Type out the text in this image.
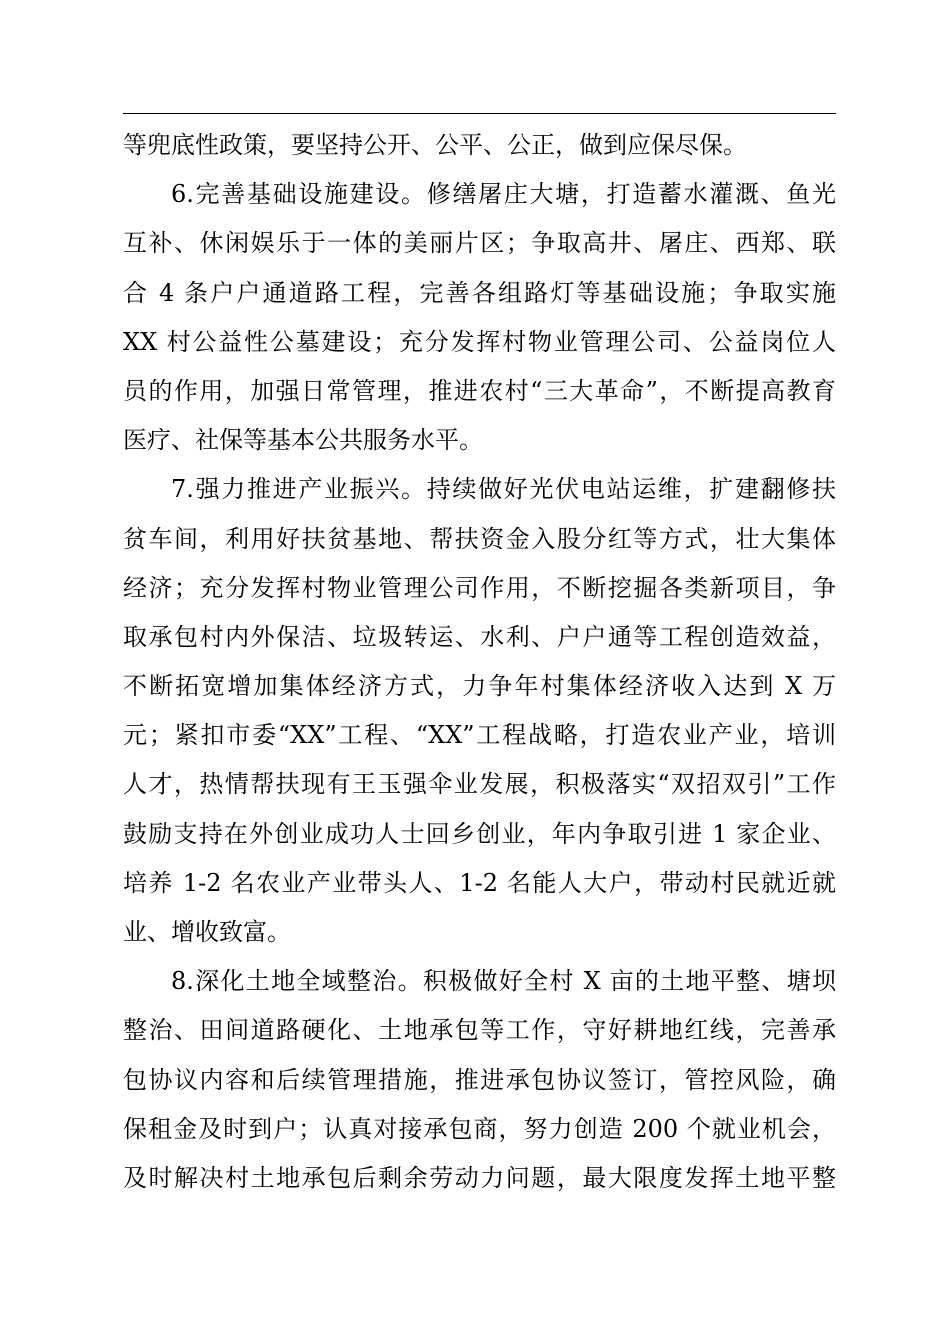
等兜底性政策，要坚持公开、公平、公正，做到应保尽保。
6.完善基础设施建设。修缮屠庄大塘，打造蓄水灌溉、鱼光
互补、休闲娱乐于一体的美丽片区；争取高井、屠庄、西郑、联
合 4 条户户通道路工程，完善各组路灯等基础设施；争取实施
XX 村公益性公墓建设；充分发挥村物业管理公司、公益岗位人
员的作用，加强日常管理，推进农村“三大革命”，不断提高教育
医疗、社保等基本公共服务水平。
7.强力推进产业振兴。持续做好光伏电站运维，扩建翻修扶
贫车间，利用好扶贫基地、帮扶资金入股分红等方式，壮大集体
经济；充分发挥村物业管理公司作用，不断挖掘各类新项目，争
取承包村内外保洁、垃圾转运、水利、户户通等工程创造效益，
不断拓宽增加集体经济方式，力争年村集体经济收入达到 X 万
元；紧扣市委“XX”工程、“XX”工程战略，打造农业产业，培训
人才，热情帮扶现有王玉强伞业发展，积极落实“双招双引”工作
鼓励支持在外创业成功人士回乡创业，年内争取引进 1 家企业、
培养 1-2 名农业产业带头人、1-2 名能人大户，带动村民就近就
业、增收致富。
8.深化土地全域整治。积极做好全村 X 亩的土地平整、塘坝
整治、田间道路硬化、土地承包等工作，守好耕地红线，完善承
包协议内容和后续管理措施，推进承包协议签订，管控风险，确
保租金及时到户；认真对接承包商，努力创造 200 个就业机会，
及时解决村土地承包后剩余劳动力问题，最大限度发挥土地平整
